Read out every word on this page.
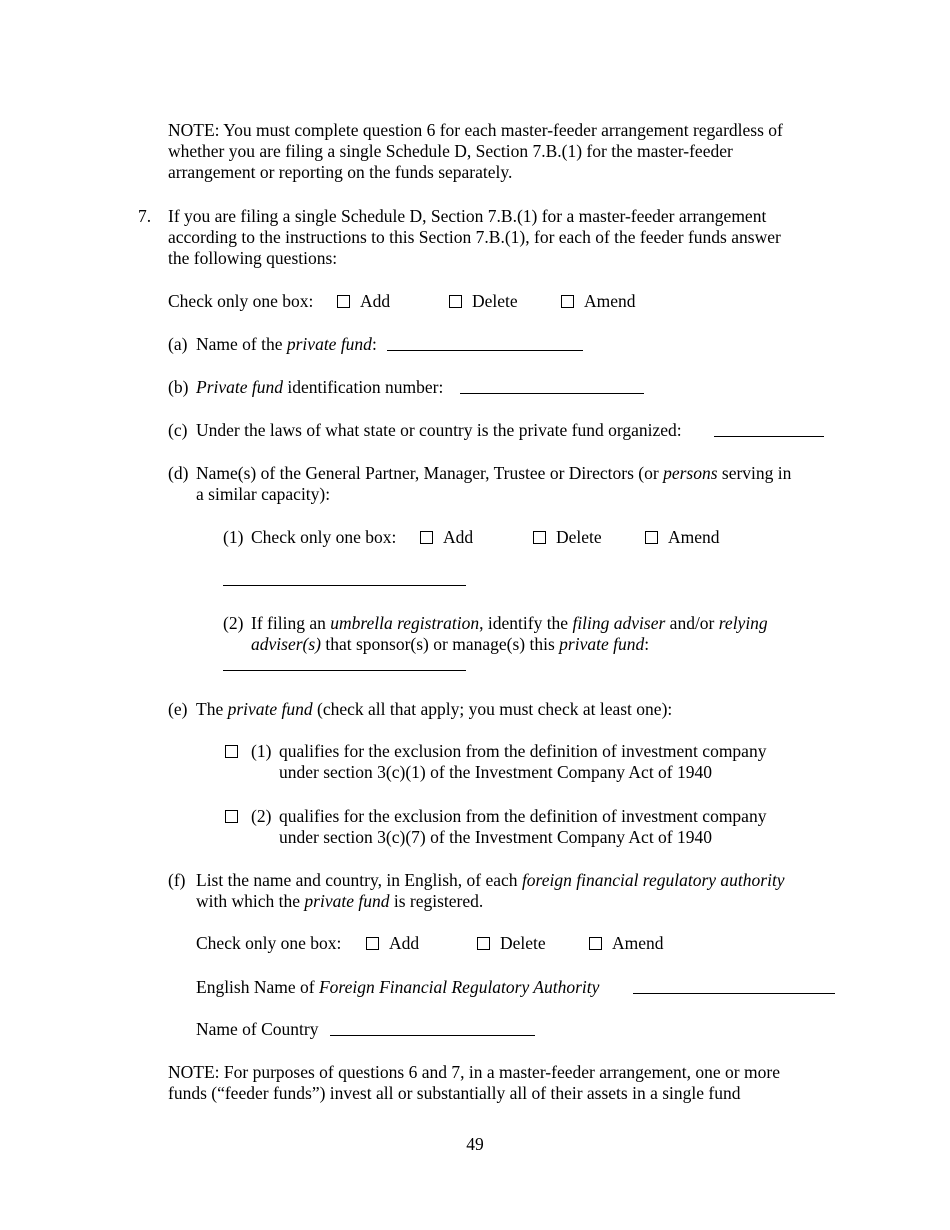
NOTE: You must complete question 6 for each master-feeder arrangement regardless of
whether you are filing a single Schedule D, Section 7.B.(1) for the master-feeder
arrangement or reporting on the funds separately.
7. If you are filing a single Schedule D, Section 7.B.(1) for a master-feeder arrangement
according to the instructions to this Section 7.B.(1), for each of the feeder funds answer
the following questions:
Check only one box:	Add	Delete	Amend
(a) Name of the private fund:
(b) Private fund identification number:
(c) Under the laws of what state or country is the private fund organized:
(d) Name(s) of the General Partner, Manager, Trustee or Directors (or persons serving in
a similar capacity):
(1) Check only one box:	Add	Delete	Amend
(2) If filing an umbrella registration, identify the filing adviser and/or relying
adviser(s) that sponsor(s) or manage(s) this private fund:
(e) The private fund (check all that apply; you must check at least one):
(1) qualifies for the exclusion from the definition of investment company
under section 3(c)(1) of the Investment Company Act of 1940
(2) qualifies for the exclusion from the definition of investment company
under section 3(c)(7) of the Investment Company Act of 1940
(f) List the name and country, in English, of each foreign financial regulatory authority
with which the private fund is registered.
Check only one box:	Add	Delete	Amend
English Name of Foreign Financial Regulatory Authority
Name of Country
NOTE: For purposes of questions 6 and 7, in a master-feeder arrangement, one or more
funds (“feeder funds”) invest all or substantially all of their assets in a single fund
49
